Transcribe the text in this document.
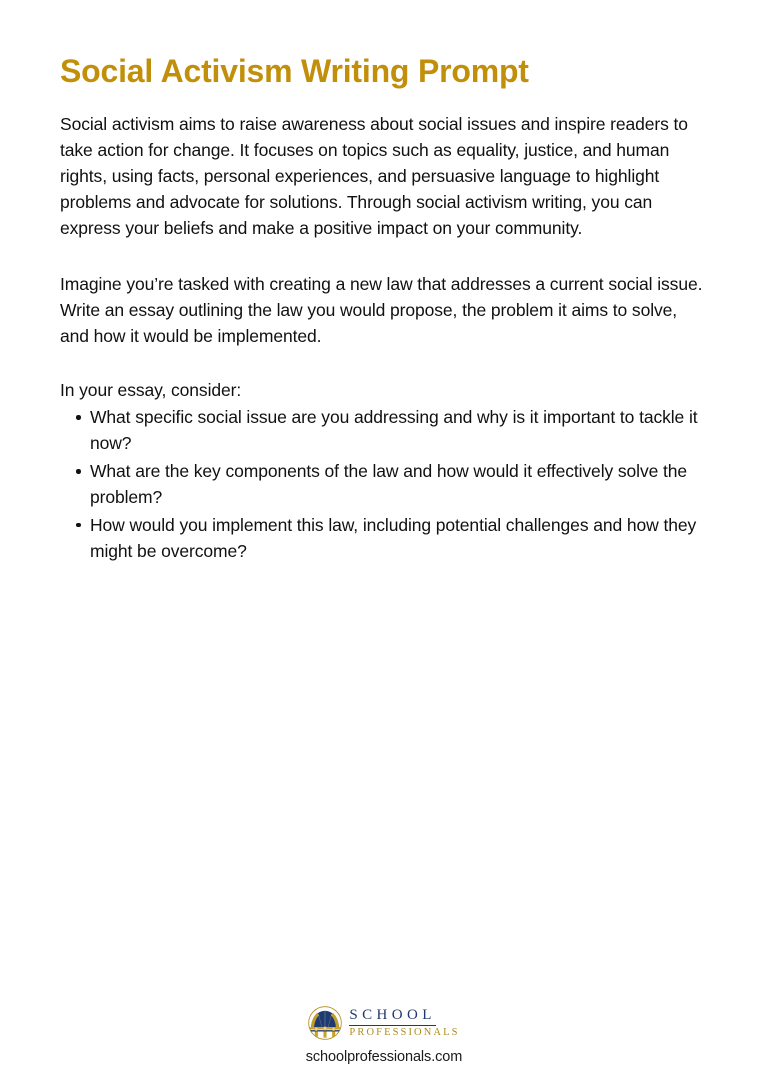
Social Activism Writing Prompt

Social activism aims to raise awareness about social issues and inspire readers to take action for change. It focuses on topics such as equality, justice, and human rights, using facts, personal experiences, and persuasive language to highlight problems and advocate for solutions. Through social activism writing, you can express your beliefs and make a positive impact on your community.

Imagine you’re tasked with creating a new law that addresses a current social issue. Write an essay outlining the law you would propose, the problem it aims to solve, and how it would be implemented.

In your essay, consider:

What specific social issue are you addressing and why is it important to tackle it now?
What are the key components of the law and how would it effectively solve the problem?
How would you implement this law, including potential challenges and how they might be overcome?
SCHOOL
PROFESSIONALS
schoolprofessionals.com
